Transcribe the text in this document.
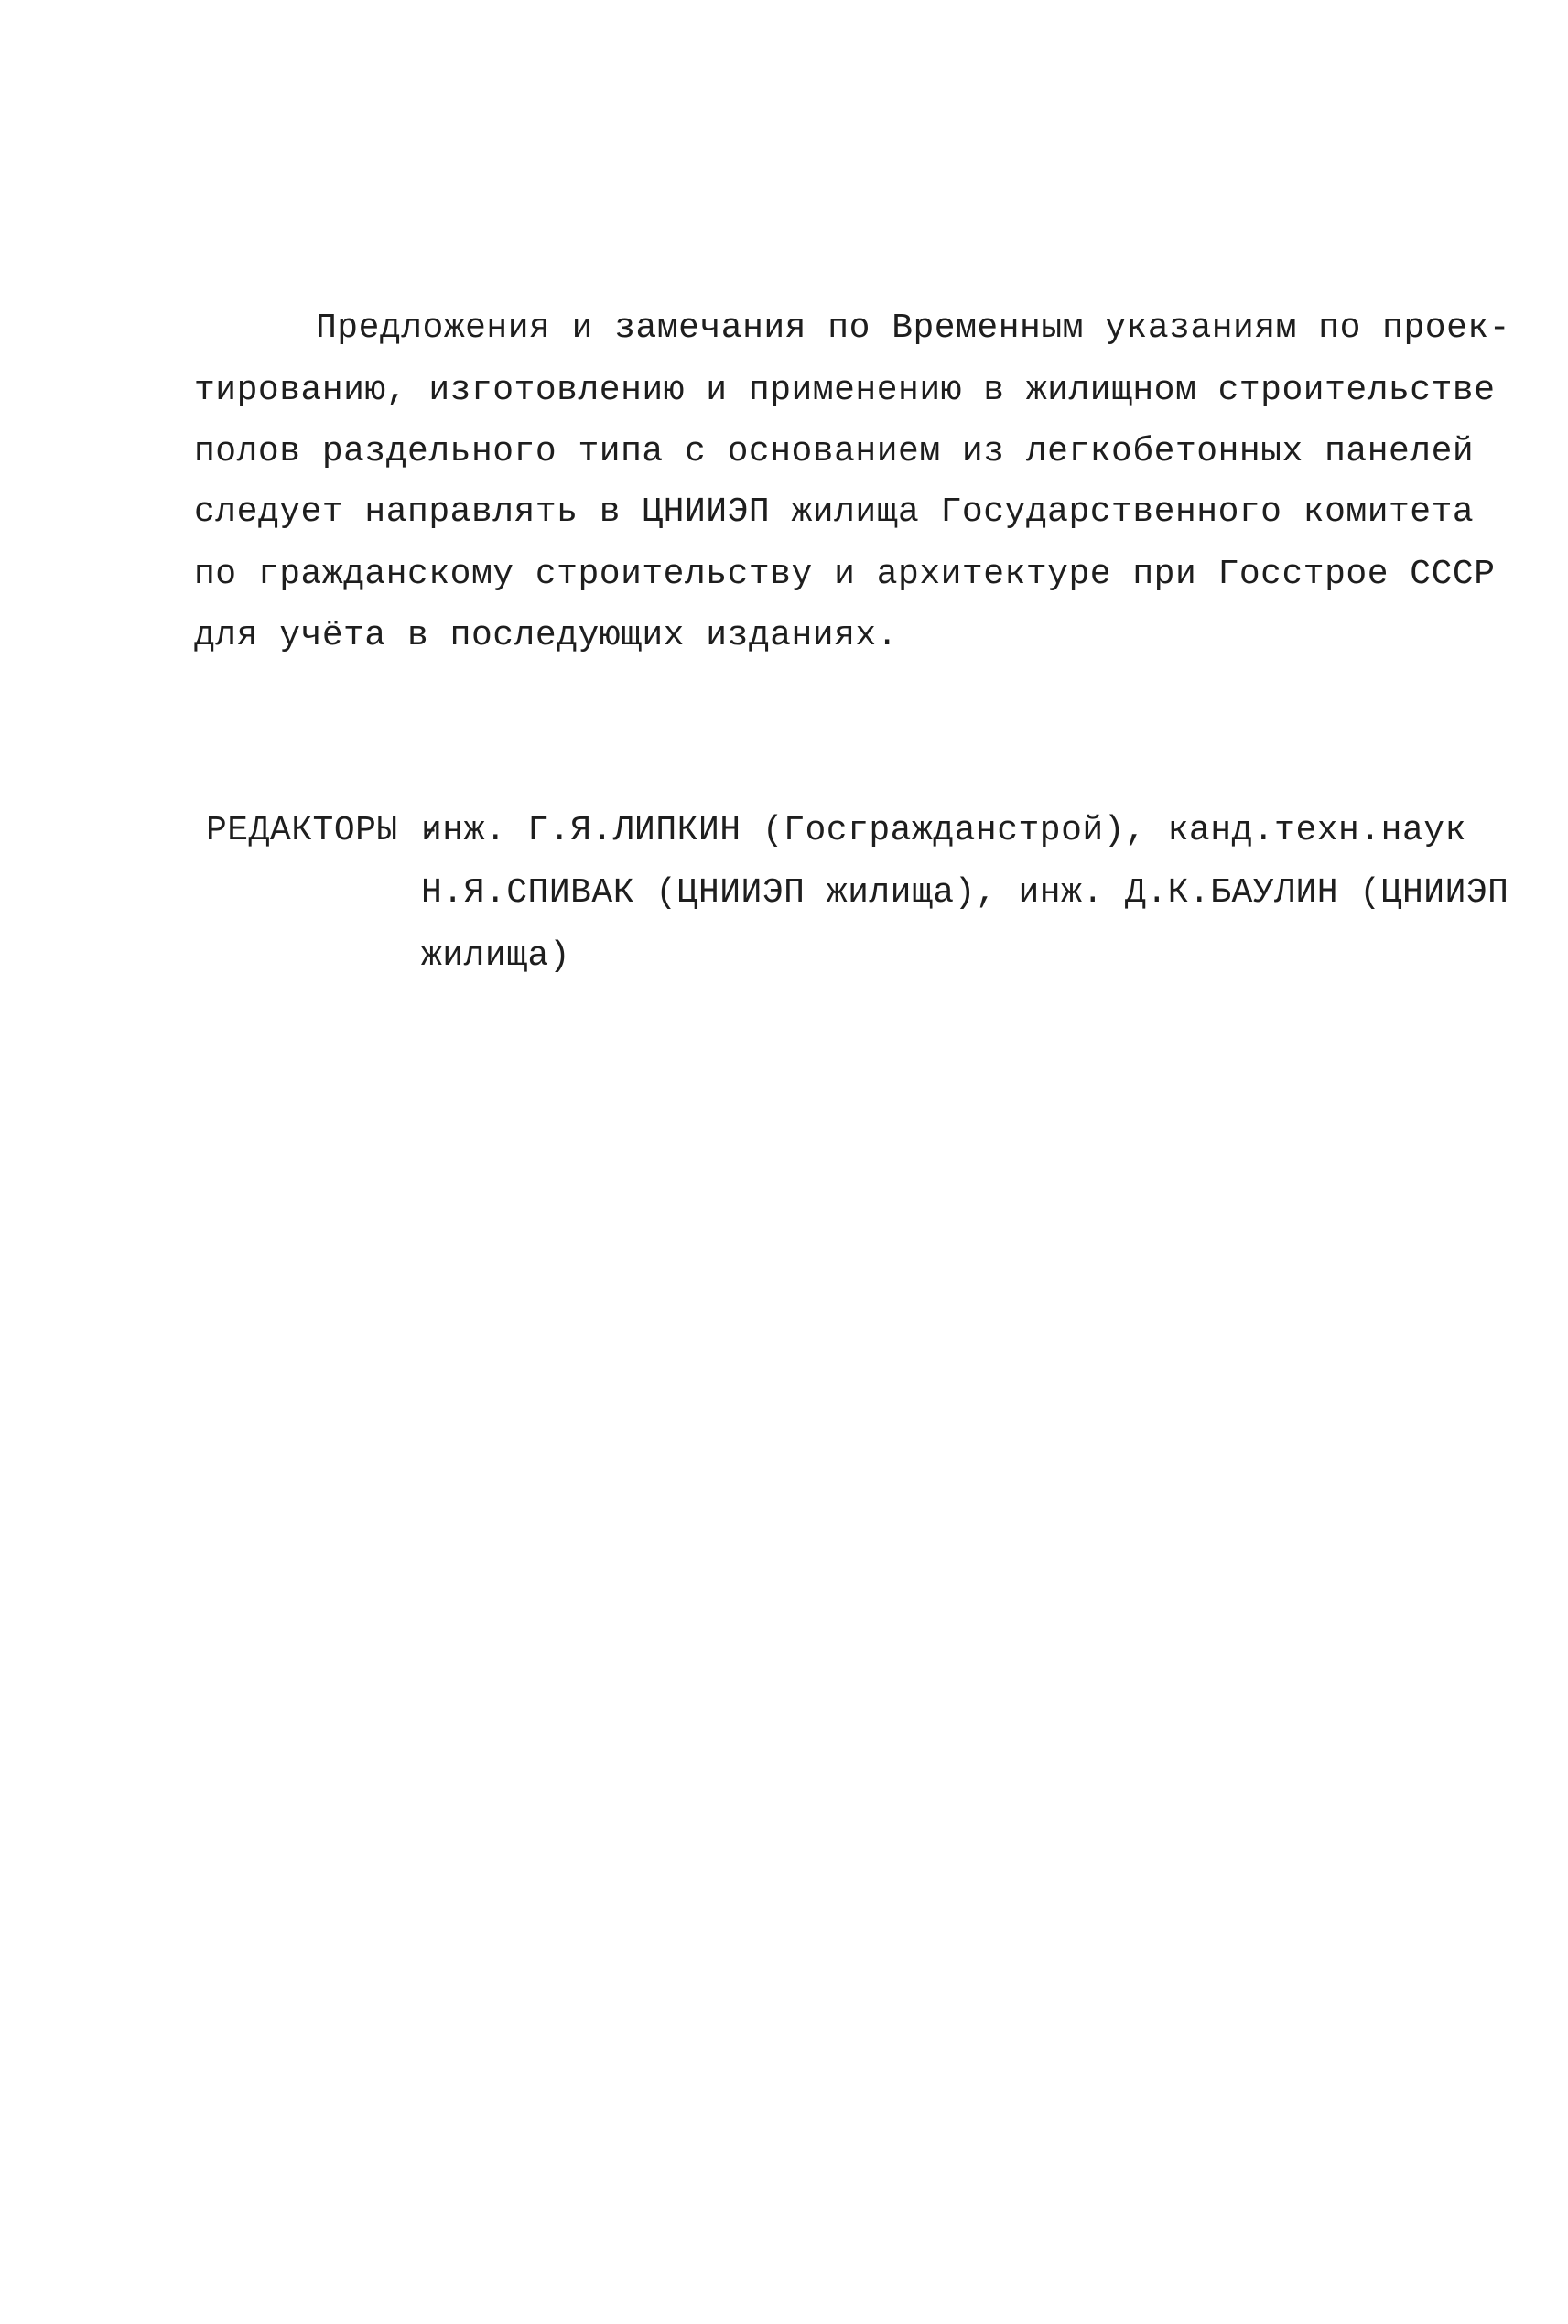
Предложения и замечания по Временным указаниям по проек-
тированию, изготовлению и применению в жилищном строительстве
полов раздельного типа с основанием из легкобетонных панелей
следует направлять в ЦНИИЭП жилища Государственного комитета
по гражданскому строительству и архитектуре при Госстрое СССР
для учёта в последующих изданиях.
РЕДАКТОРЫ -
инж. Г.Я.ЛИПКИН (Госгражданстрой), канд.техн.наук
Н.Я.СПИВАК (ЦНИИЭП жилища), инж. Д.К.БАУЛИН (ЦНИИЭП
жилища)
